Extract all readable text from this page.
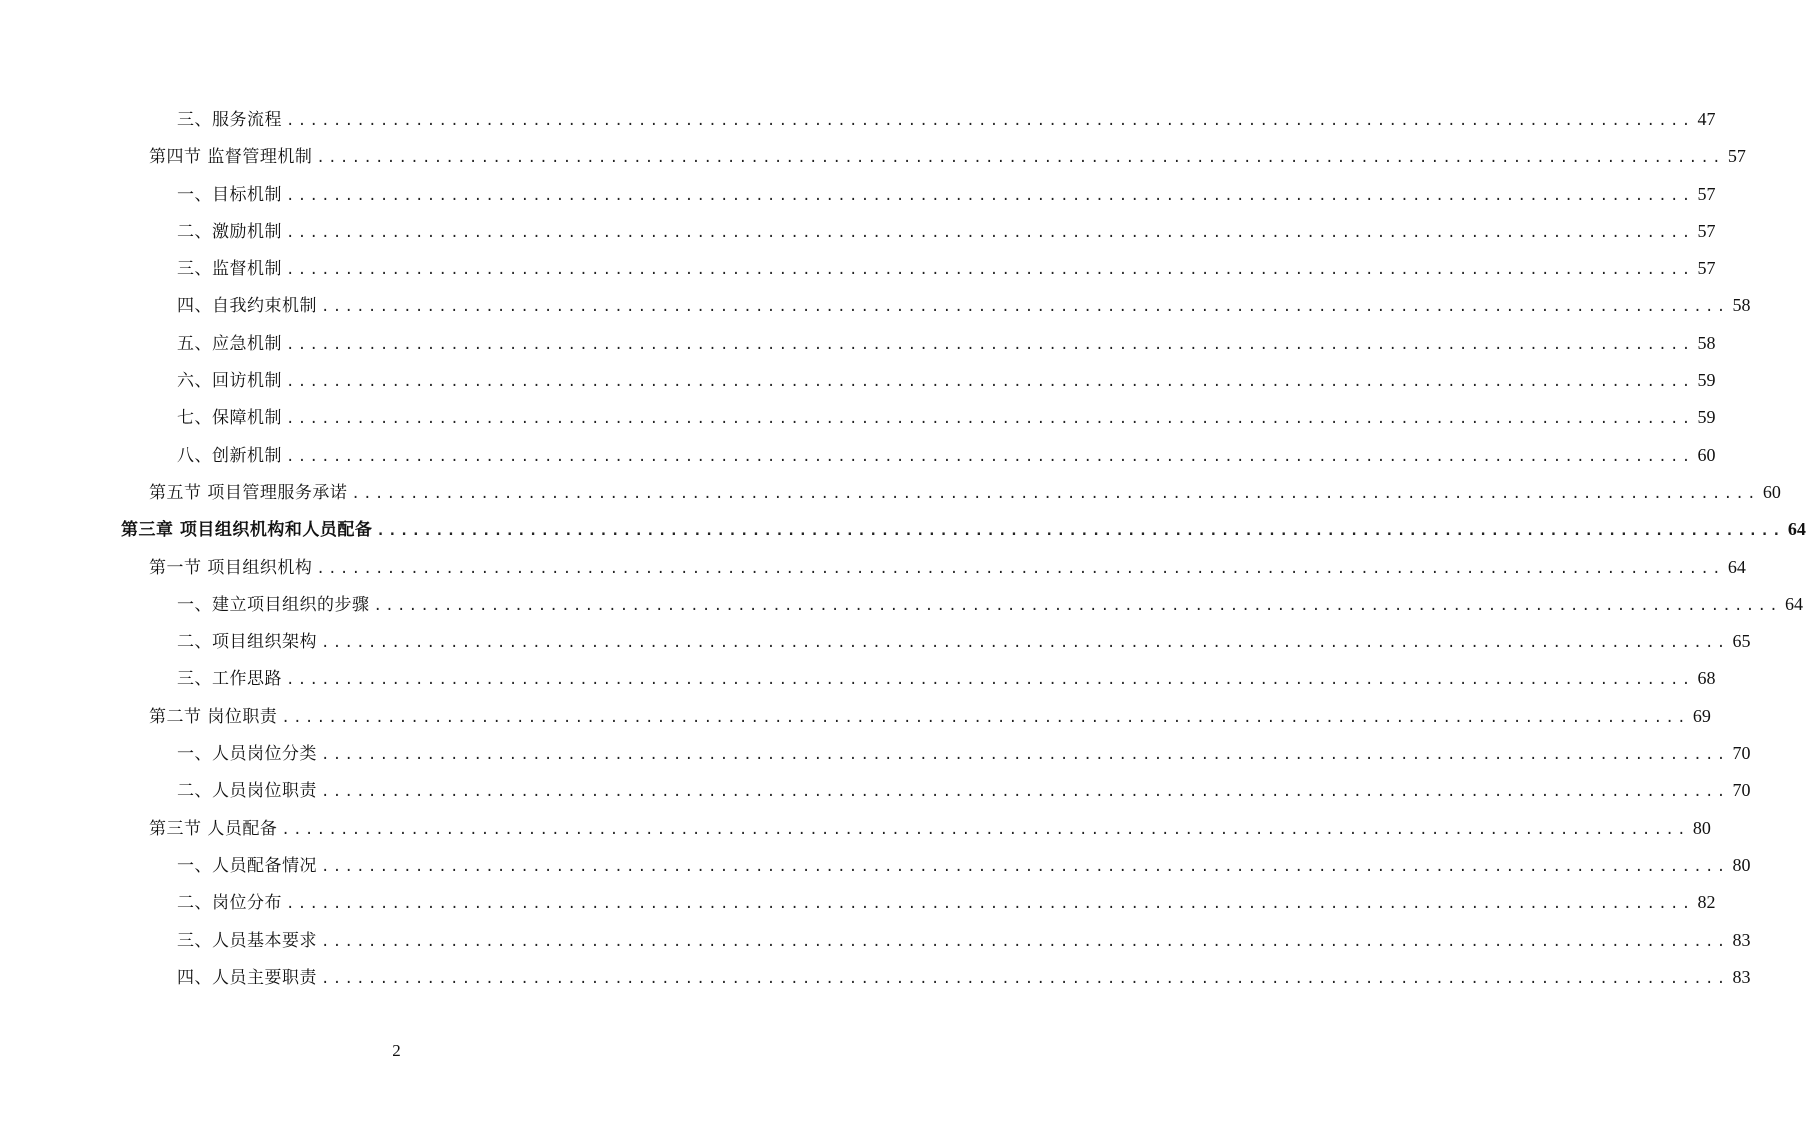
三、服务流程 ........................................................................................................................ 47
第四节 监督管理机制 ........................................................................................................................ 57
一、目标机制 ........................................................................................................................ 57
二、激励机制 ........................................................................................................................ 57
三、监督机制 ........................................................................................................................ 57
四、自我约束机制 ........................................................................................................................ 58
五、应急机制 ........................................................................................................................ 58
六、回访机制 ........................................................................................................................ 59
七、保障机制 ........................................................................................................................ 59
八、创新机制 ........................................................................................................................ 60
第五节 项目管理服务承诺 ........................................................................................................................ 60
第三章 项目组织机构和人员配备 ........................................................................................................................ 64
第一节 项目组织机构 ........................................................................................................................ 64
一、建立项目组织的步骤 ........................................................................................................................ 64
二、项目组织架构 ........................................................................................................................ 65
三、工作思路 ........................................................................................................................ 68
第二节 岗位职责 ........................................................................................................................ 69
一、人员岗位分类 ........................................................................................................................ 70
二、人员岗位职责 ........................................................................................................................ 70
第三节 人员配备 ........................................................................................................................ 80
一、人员配备情况 ........................................................................................................................ 80
二、岗位分布 ........................................................................................................................ 82
三、人员基本要求 ........................................................................................................................ 83
四、人员主要职责 ........................................................................................................................ 83
2
